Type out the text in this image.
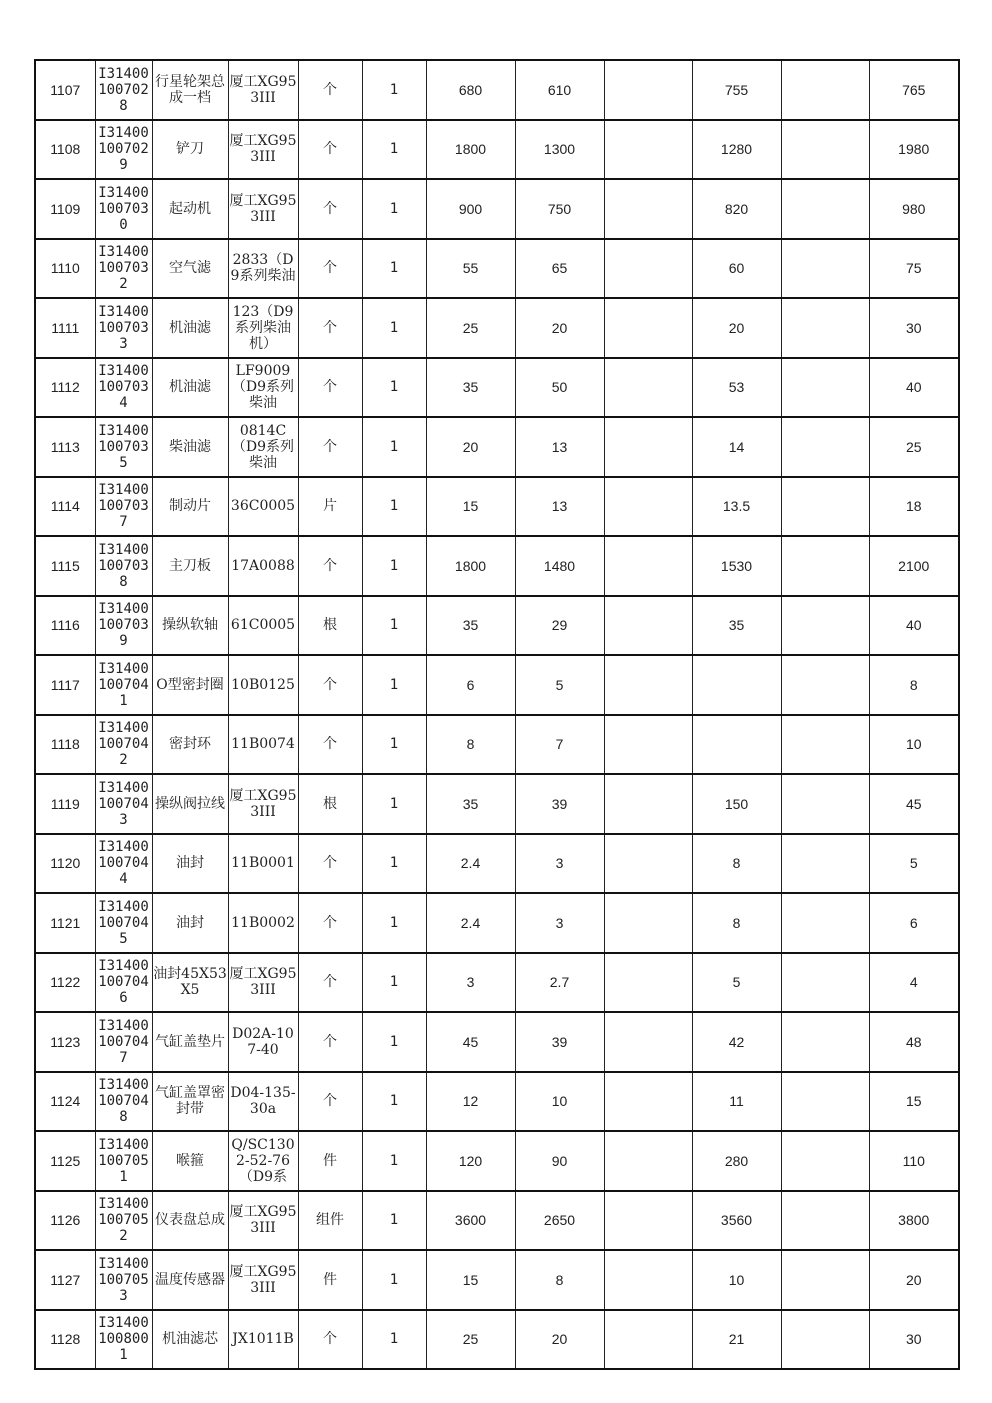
1107	I314001007028	行星轮架总成一档	厦工XG953III	个	1	680	610		755		765
1108	I314001007029	铲刀	厦工XG953III	个	1	1800	1300		1280		1980
1109	I314001007030	起动机	厦工XG953III	个	1	900	750		820		980
1110	I314001007032	空气滤	2833（D9系列柴油	个	1	55	65		60		75
1111	I314001007033	机油滤	123（D9系列柴油机）	个	1	25	20		20		30
1112	I314001007034	机油滤	LF9009（D9系列柴油	个	1	35	50		53		40
1113	I314001007035	柴油滤	0814C（D9系列柴油	个	1	20	13		14		25
1114	I314001007037	制动片	36C0005	片	1	15	13		13.5		18
1115	I314001007038	主刀板	17A0088	个	1	1800	1480		1530		2100
1116	I314001007039	操纵软轴	61C0005	根	1	35	29		35		40
1117	I314001007041	O型密封圈	10B0125	个	1	6	5				8
1118	I314001007042	密封环	11B0074	个	1	8	7				10
1119	I314001007043	操纵阀拉线	厦工XG953III	根	1	35	39		150		45
1120	I314001007044	油封	11B0001	个	1	2.4	3		8		5
1121	I314001007045	油封	11B0002	个	1	2.4	3		8		6
1122	I314001007046	油封45X53X5	厦工XG953III	个	1	3	2.7		5		4
1123	I314001007047	气缸盖垫片	D02A-107-40	个	1	45	39		42		48
1124	I314001007048	气缸盖罩密封带	D04-135-30a	个	1	12	10		11		15
1125	I314001007051	喉箍	Q/SC1302-52-76（D9系	件	1	120	90		280		110
1126	I314001007052	仪表盘总成	厦工XG953III	组件	1	3600	2650		3560		3800
1127	I314001007053	温度传感器	厦工XG953III	件	1	15	8		10		20
1128	I314001008001	机油滤芯	JX1011B	个	1	25	20		21		30
